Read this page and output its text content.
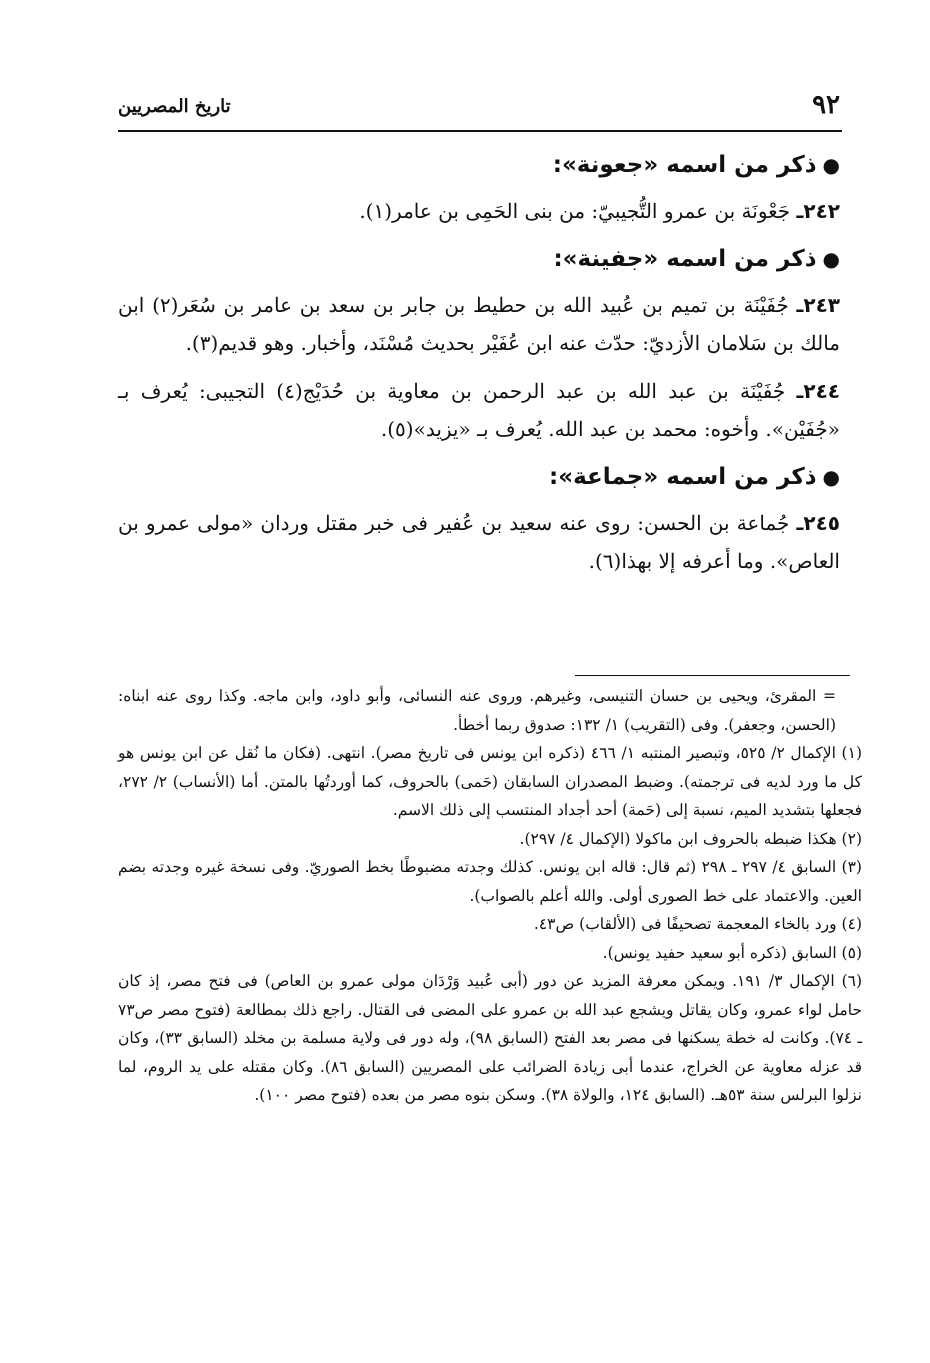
٩٢
تاريخ المصريين
●ذكر من اسمه «جعونة»:

٢٤٢ـ جَعْونَة بن عمرو التُّجيبيّ: من بنى الحَمِى بن عامر(١).

●ذكر من اسمه «جفينة»:

٢٤٣ـ جُفَيْنَة بن تميم بن عُبيد الله بن حطيط بن جابر بن سعد بن عامر بن سُعَر(٢) ابن مالك بن سَلامان الأزديّ: حدّث عنه ابن عُفَيْر بحديث مُسْنَد، وأخبار. وهو قديم(٣).

٢٤٤ـ جُفَيْنَة بن عبد الله بن عبد الرحمن بن معاوية بن حُدَيْج(٤) التجيبى: يُعرف بـ «جُفَيْن». وأخوه: محمد بن عبد الله. يُعرف بـ «يزيد»(٥).

●ذكر من اسمه «جماعة»:

٢٤٥ـ جُماعة بن الحسن: روى عنه سعيد بن عُفير فى خبر مقتل وردان «مولى عمرو بن العاص». وما أعرفه إلا بهذا(٦).

= المقرئ، ويحيى بن حسان التنيسى، وغيرهم. وروى عنه النسائى، وأبو داود، وابن ماجه. وكذا روى عنه ابناه: (الحسن، وجعفر). وفى (التقريب) ١/ ١٣٢: صدوق ربما أخطأ.

(١) الإكمال ٢/ ٥٢٥، وتبصير المنتبه ١/ ٤٦٦ (ذكره ابن يونس فى تاريخ مصر). انتهى. (فكان ما نُقل عن ابن يونس هو كل ما ورد لديه فى ترجمته). وضبط المصدران السابقان (حَمى) بالحروف، كما أوردتُها بالمتن. أما (الأنساب) ٢/ ٢٧٢، فجعلها بتشديد الميم، نسبة إلى (حَمة) أحد أجداد المنتسب إلى ذلك الاسم.

(٢) هكذا ضبطه بالحروف ابن ماكولا (الإكمال ٤/ ٢٩٧).

(٣) السابق ٤/ ٢٩٧ ـ ٢٩٨ (ثم قال: قاله ابن يونس. كذلك وجدته مضبوطًا بخط الصوريّ. وفى نسخة غيره وجدته بضم العين. والاعتماد على خط الصورى أولى. والله أعلم بالصواب).

(٤) ورد بالخاء المعجمة تصحيفًا فى (الألقاب) ص٤٣.

(٥) السابق (ذكره أبو سعيد حفيد يونس).

(٦) الإكمال ٣/ ١٩١. ويمكن معرفة المزيد عن دور (أبى عُبيد وَرْدَان مولى عمرو بن العاص) فى فتح مصر، إذ كان حامل لواء عمرو، وكان يقاتل ويشجع عبد الله بن عمرو على المضى فى القتال. راجع ذلك بمطالعة (فتوح مصر ص٧٣ ـ ٧٤). وكانت له خطة يسكنها فى مصر بعد الفتح (السابق ٩٨)، وله دور فى ولاية مسلمة بن مخلد (السابق ٣٣)، وكان قد عزله معاوية عن الخراج، عندما أبى زيادة الضرائب على المصريين (السابق ٨٦). وكان مقتله على يد الروم، لما نزلوا البرلس سنة ٥٣هـ. (السابق ١٢٤، والولاة ٣٨). وسكن بنوه مصر من بعده (فتوح مصر ١٠٠).
